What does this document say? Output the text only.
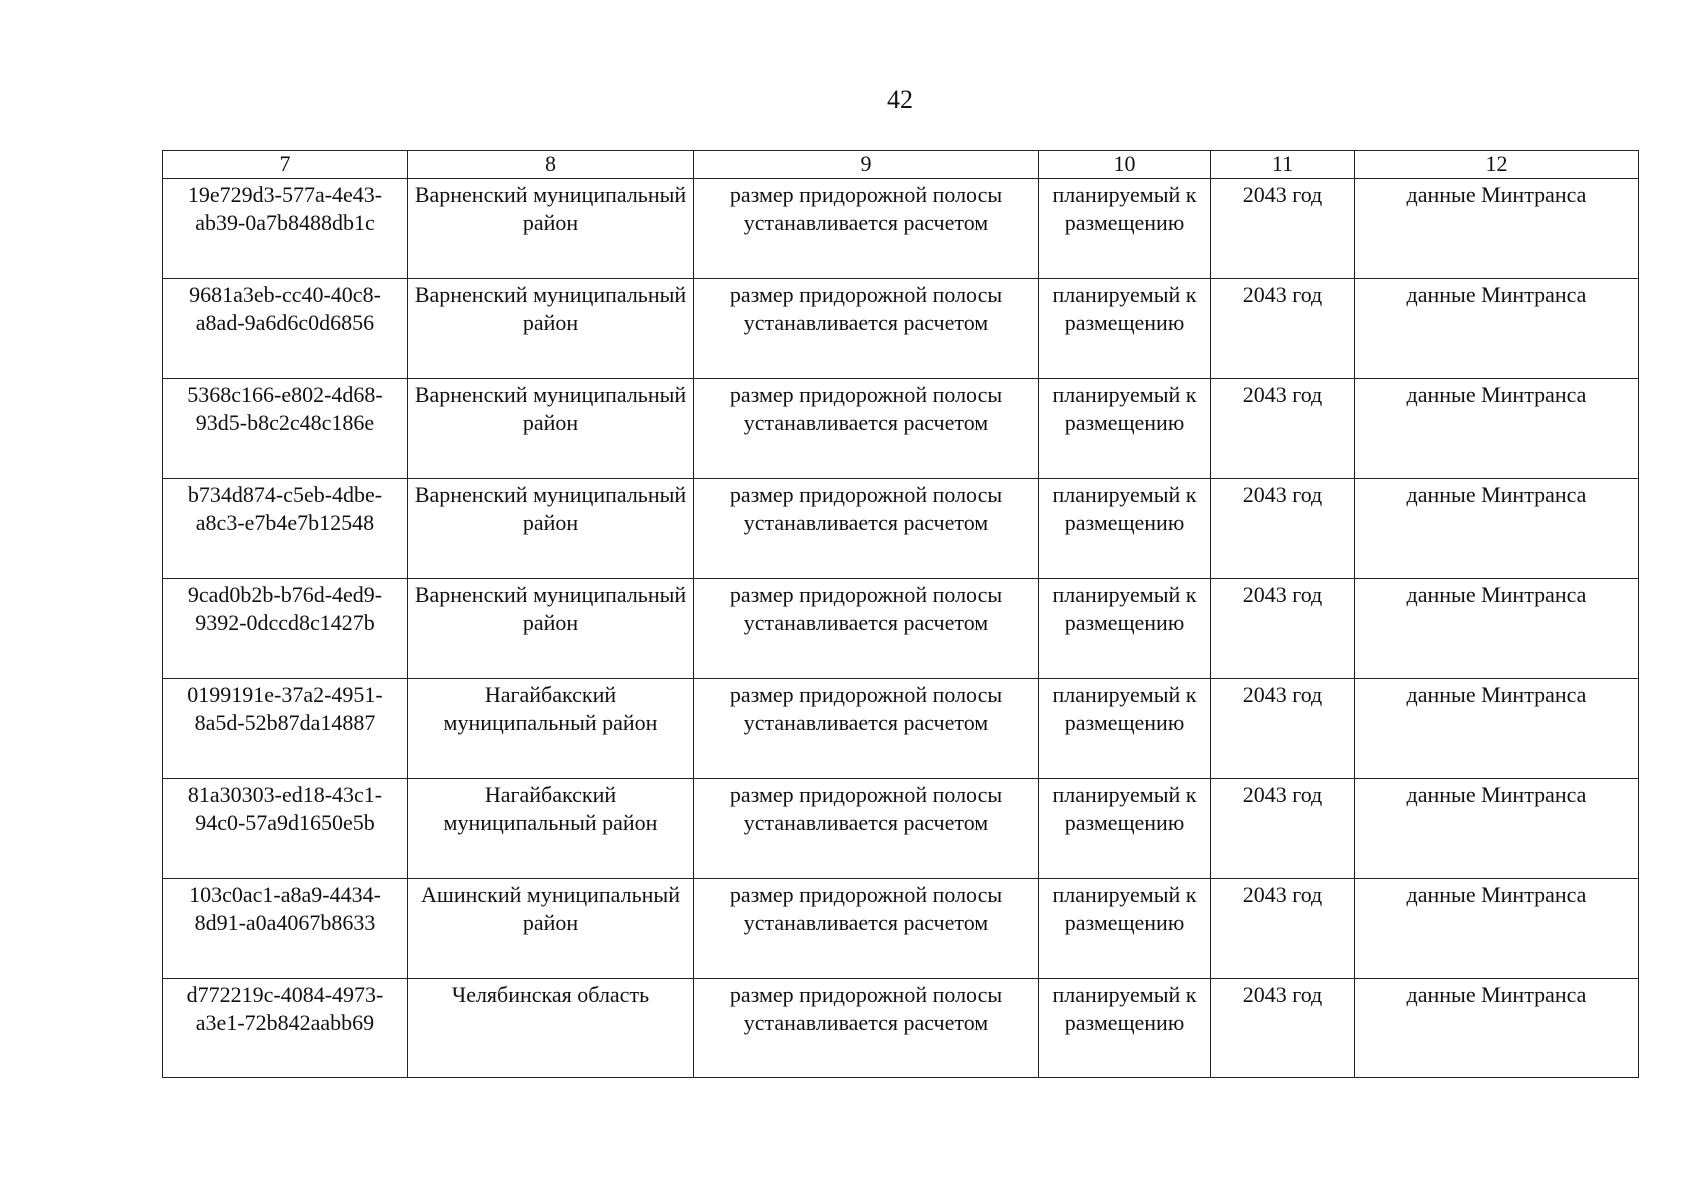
42
7	8	9	10	11	12
19e729d3-577a-4e43-ab39-0a7b8488db1c	Варненский муниципальный район	размер придорожной полосы устанавливается расчетом	планируемый к размещению	2043 год	данные Минтранса
9681a3eb-cc40-40c8-a8ad-9a6d6c0d6856	Варненский муниципальный район	размер придорожной полосы устанавливается расчетом	планируемый к размещению	2043 год	данные Минтранса
5368c166-e802-4d68-93d5-b8c2c48c186e	Варненский муниципальный район	размер придорожной полосы устанавливается расчетом	планируемый к размещению	2043 год	данные Минтранса
b734d874-c5eb-4dbe-a8c3-e7b4e7b12548	Варненский муниципальный район	размер придорожной полосы устанавливается расчетом	планируемый к размещению	2043 год	данные Минтранса
9cad0b2b-b76d-4ed9-9392-0dccd8c1427b	Варненский муниципальный район	размер придорожной полосы устанавливается расчетом	планируемый к размещению	2043 год	данные Минтранса
0199191e-37a2-4951-8a5d-52b87da14887	Нагайбакский муниципальный район	размер придорожной полосы устанавливается расчетом	планируемый к размещению	2043 год	данные Минтранса
81a30303-ed18-43c1-94c0-57a9d1650e5b	Нагайбакский муниципальный район	размер придорожной полосы устанавливается расчетом	планируемый к размещению	2043 год	данные Минтранса
103c0ac1-a8a9-4434-8d91-a0a4067b8633	Ашинский муниципальный район	размер придорожной полосы устанавливается расчетом	планируемый к размещению	2043 год	данные Минтранса
d772219c-4084-4973-a3e1-72b842aabb69	Челябинская область	размер придорожной полосы устанавливается расчетом	планируемый к размещению	2043 год	данные Минтранса
